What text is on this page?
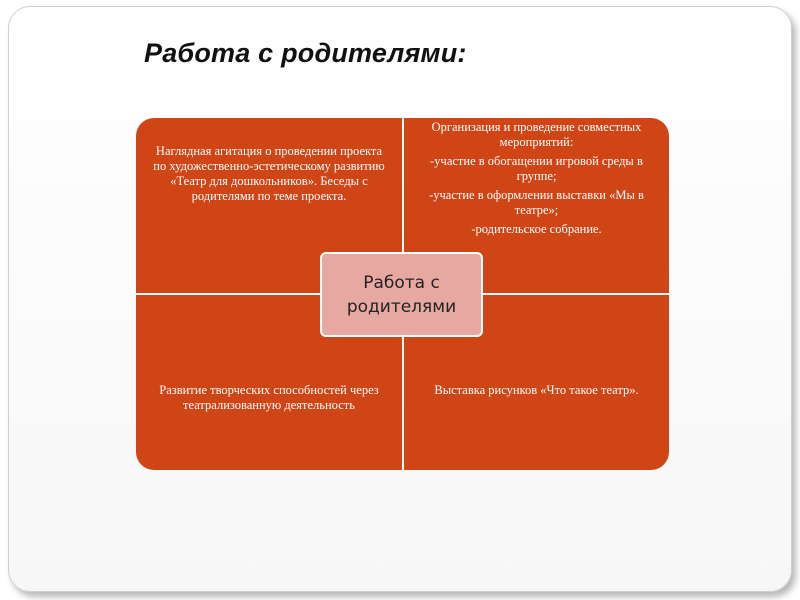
Работа с родителями:
Наглядная агитация о проведении проекта по художественно-эстетическому развитию «Театр для дошкольников». Беседы с родителями по теме проекта.

Организация и проведение совместных мероприятий:

-участие в обогащении игровой среды в группе;

-участие в оформлении выставки «Мы в театре»;

-родительское собрание.

Развитие творческих способностей через театрализованную деятельность
Выставка рисунков «Что такое театр».
Работа с родителями
